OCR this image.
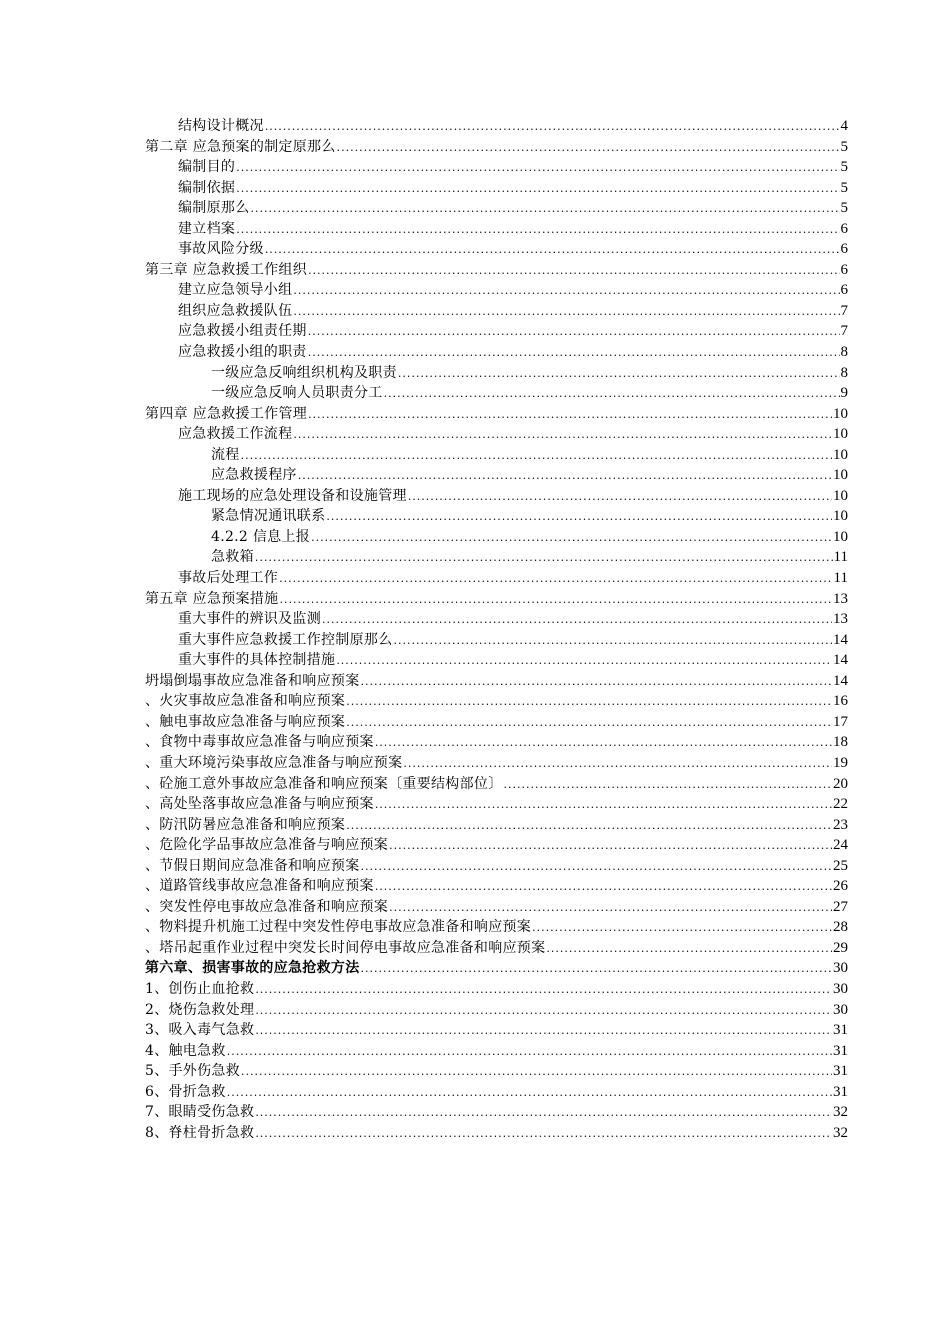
结构设计概况 .....	4
第二章 应急预案的制定原那么 .....	5
编制目的 .....	5
编制依据 .....	5
编制原那么 .....	5
建立档案 .....	6
事故风险分级 .....	6
第三章 应急救援工作组织 .....	6
建立应急领导小组 .....	6
组织应急救援队伍 .....	7
应急救援小组责任期 .....	7
应急救援小组的职责 .....	8
一级应急反响组织机构及职责 .....	8
一级应急反响人员职责分工 .....	9
第四章 应急救援工作管理 .....	10
应急救援工作流程 .....	10
流程 .....	10
应急救援程序 .....	10
施工现场的应急处理设备和设施管理 .....	10
紧急情况通讯联系 .....	10
4.2.2 信息上报 .....	10
急救箱 .....	11
事故后处理工作 .....	11
第五章 应急预案措施 .....	13
重大事件的辨识及监测 .....	13
重大事件应急救援工作控制原那么 .....	14
重大事件的具体控制措施 .....	14
坍塌倒塌事故应急准备和响应预案 .....	14
、火灾事故应急准备和响应预案 .....	16
、触电事故应急准备与响应预案 .....	17
、食物中毒事故应急准备与响应预案 .....	18
、重大环境污染事故应急准备与响应预案 .....	19
、砼施工意外事故应急准备和响应预案〔重要结构部位〕 .....	20
、高处坠落事故应急准备与响应预案 .....	22
、防汛防暑应急准备和响应预案 .....	23
、危险化学品事故应急准备与响应预案 .....	24
、节假日期间应急准备和响应预案 .....	25
、道路管线事故应急准备和响应预案 .....	26
、突发性停电事故应急准备和响应预案 .....	27
、物料提升机施工过程中突发性停电事故应急准备和响应预案 .....	28
、塔吊起重作业过程中突发长时间停电事故应急准备和响应预案 .....	29
第六章、损害事故的应急抢救方法 .....	30
1、创伤止血抢救 .....	30
2、烧伤急救处理 .....	30
3、吸入毒气急救 .....	31
4、触电急救 .....	31
5、手外伤急救 .....	31
6、骨折急救 .....	31
7、眼睛受伤急救 .....	32
8、脊柱骨折急救 .....	32
